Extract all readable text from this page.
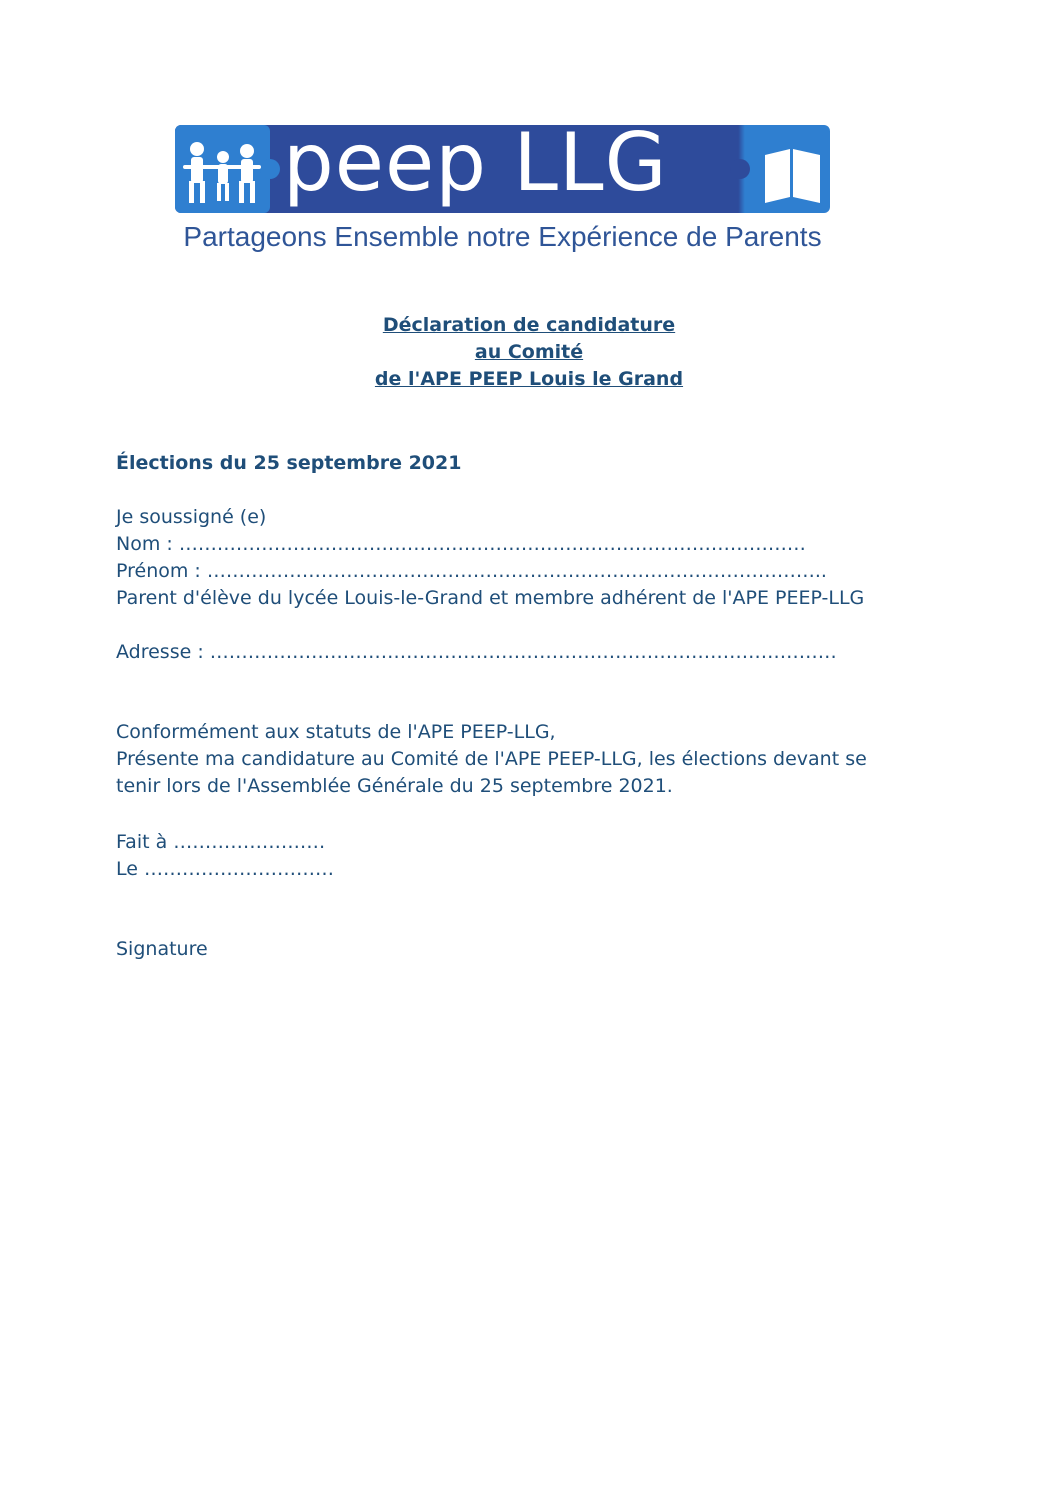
peep LLG
Partageons Ensemble notre Expérience de Parents
Déclaration de candidature
au Comité
de l'APE PEEP Louis le Grand
Élections du 25 septembre 2021
Je soussigné (e)
Nom : ………………………………………………………………………………………
Prénom : ……………………………………………………………………………………..
Parent d'élève du lycée Louis-le-Grand et membre adhérent de l'APE PEEP-LLG
Adresse : ………………………………………………………………………………………
Conformément aux statuts de l'APE PEEP-LLG,
Présente ma candidature au Comité de l'APE PEEP-LLG, les élections devant se
tenir lors de l'Assemblée Générale du 25 septembre 2021.
Fait à ……………………
Le …………………………
Signature
